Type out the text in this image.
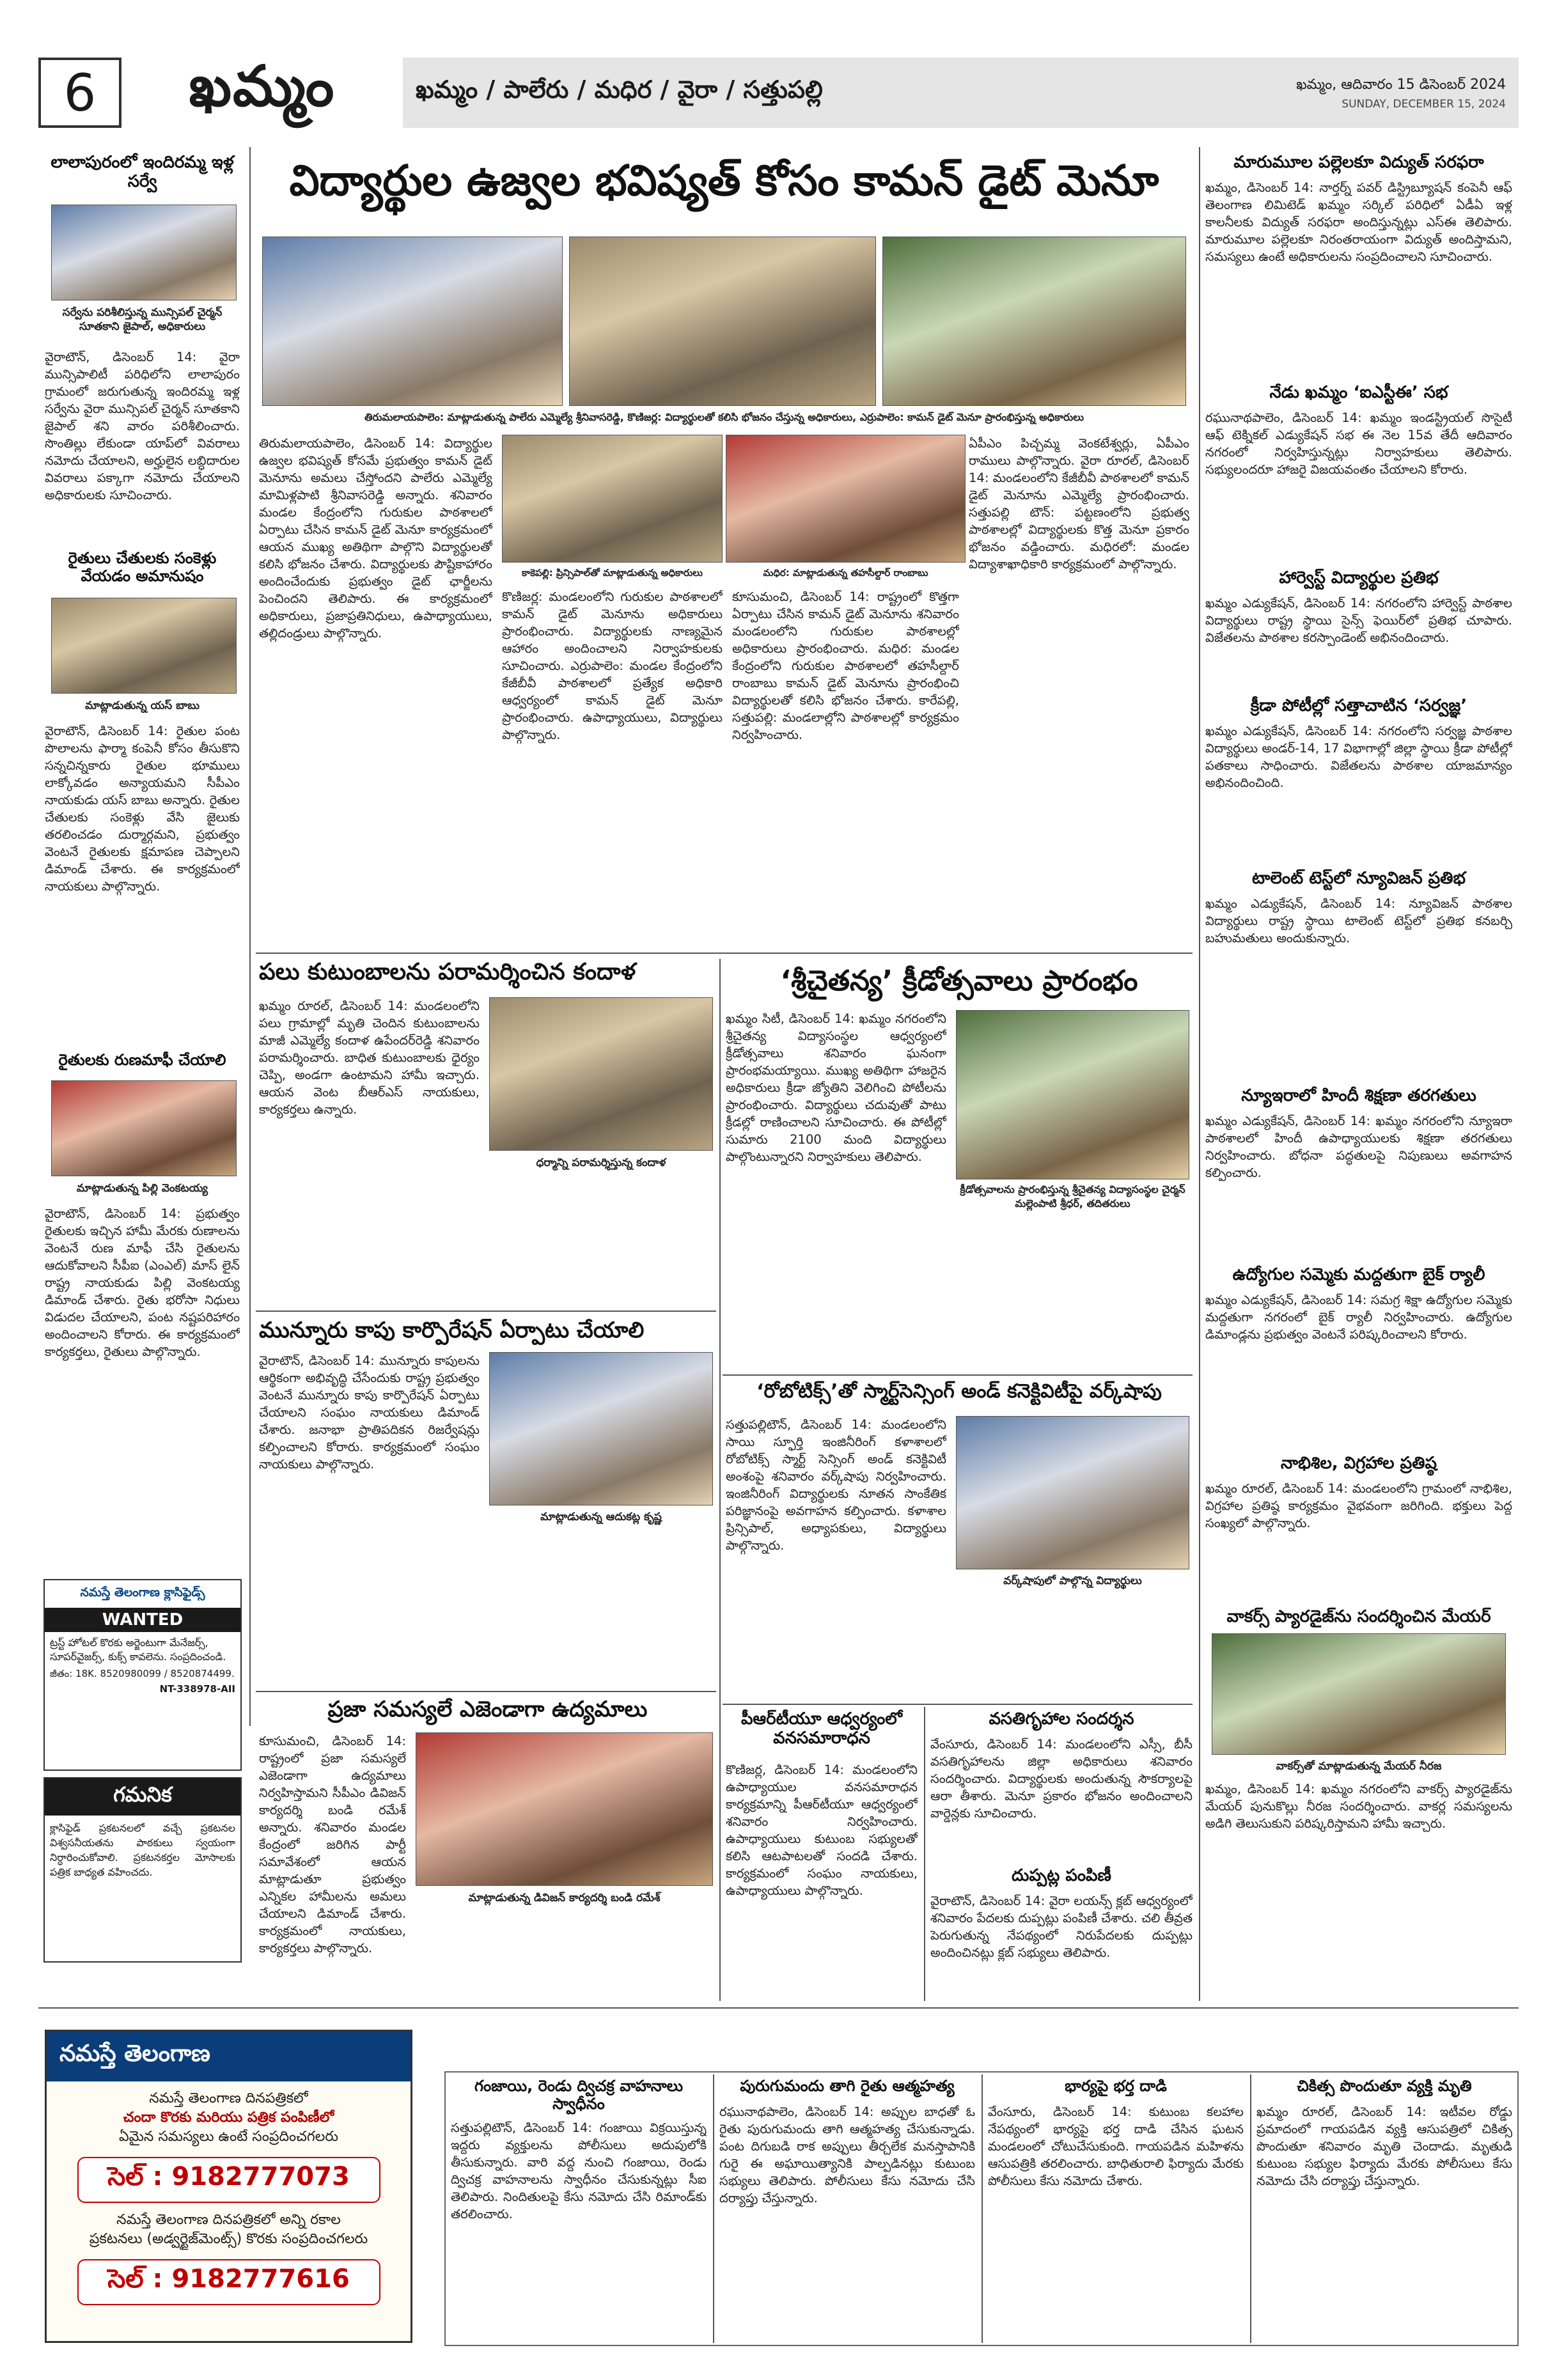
6	ఖమ్మం	ఖమ్మం / పాలేరు / మధిర / వైరా / సత్తుపల్లి	ఖమ్మం, ఆదివారం 15 డిసెంబర్ 2024
SUNDAY, DECEMBER 15, 2024
లాలాపురంలో ఇందిరమ్మ ఇళ్ల సర్వే
సర్వేను పరిశీలిస్తున్న మున్సిపల్ చైర్మన్ సూతకాని జైపాల్, అధికారులు
వైరాటౌన్, డిసెంబర్ 14: వైరా మున్సిపాలిటీ పరిధిలోని లాలాపురం గ్రామంలో జరుగుతున్న ఇందిరమ్మ ఇళ్ల సర్వేను వైరా మున్సిపల్ చైర్మన్ సూతకాని జైపాల్ శని వారం పరిశీలించారు. సొంతిల్లు లేకుండా యాప్‌లో వివరాలు నమోదు చేయాలని, అర్హులైన లబ్ధిదారుల వివరాలు పక్కాగా నమోదు చేయాలని అధికారులకు సూచించారు.
రైతులు చేతులకు సంకెళ్లు వేయడం అమానుషం
మాట్లాడుతున్న యస్ బాబు
వైరాటౌన్, డిసెంబర్ 14: రైతుల పంట పొలాలను ఫార్మా కంపెనీ కోసం తీసుకొని సన్నచిన్నకారు రైతుల భూములు లాక్కోవడం అన్యాయమని సీపీఎం నాయకుడు యస్ బాబు అన్నారు. రైతుల చేతులకు సంకెళ్లు వేసి జైలుకు తరలించడం దుర్మార్గమని, ప్రభుత్వం వెంటనే రైతులకు క్షమాపణ చెప్పాలని డిమాండ్ చేశారు. ఈ కార్యక్రమంలో నాయకులు పాల్గొన్నారు.
రైతులకు రుణమాఫీ చేయాలి
మాట్లాడుతున్న పిల్లి వెంకటయ్య
వైరాటౌన్, డిసెంబర్ 14: ప్రభుత్వం రైతులకు ఇచ్చిన హామీ మేరకు రుణాలను వెంటనే రుణ మాఫీ చేసి రైతులను ఆదుకోవాలని సీపీఐ (ఎంఎల్) మాస్ లైన్ రాష్ట్ర నాయకుడు పిల్లి వెంకటయ్య డిమాండ్ చేశారు. రైతు భరోసా నిధులు విడుదల చేయాలని, పంట నష్టపరిహారం అందించాలని కోరారు. ఈ కార్యక్రమంలో కార్యకర్తలు, రైతులు పాల్గొన్నారు.
నమస్తే తెలంగాణ క్లాసిఫైడ్స్
WANTED
ట్రస్ట్ హోటల్ కొరకు అర్జెంటుగా మేనేజర్స్, సూపర్‌వైజర్స్, కుక్స్ కావలెను. సంప్రదించండి.
జీతం: 18K. 8520980099 / 8520874499.
NT-338978-AII
గమనిక
క్లాసిఫైడ్ ప్రకటనలలో వచ్చే ప్రకటనల విశ్వసనీయతను పాఠకులు స్వయంగా నిర్ధారించుకోవాలి. ప్రకటనకర్తల మోసాలకు పత్రిక బాధ్యత వహించదు.
విద్యార్థుల ఉజ్వల భవిష్యత్ కోసం కామన్ డైట్ మెనూ
తిరుమలాయపాలెం: మాట్లాడుతున్న పాలేరు ఎమ్మెల్యే శ్రీనివాసరెడ్డి, కొణిజర్ల: విద్యార్థులతో కలిసి భోజనం చేస్తున్న అధికారులు, ఎర్రుపాలెం: కామన్ డైట్ మెనూ ప్రారంభిస్తున్న అధికారులు
తిరుమలాయపాలెం, డిసెంబర్ 14: విద్యార్థుల ఉజ్వల భవిష్యత్ కోసమే ప్రభుత్వం కామన్ డైట్ మెనూను అమలు చేస్తోందని పాలేరు ఎమ్మెల్యే మామిళ్లపాటి శ్రీనివాసరెడ్డి అన్నారు. శనివారం మండల కేంద్రంలోని గురుకుల పాఠశాలలో ఏర్పాటు చేసిన కామన్ డైట్ మెనూ కార్యక్రమంలో ఆయన ముఖ్య అతిథిగా పాల్గొని విద్యార్థులతో కలిసి భోజనం చేశారు. విద్యార్థులకు పౌష్టికాహారం అందించేందుకు ప్రభుత్వం డైట్ ఛార్జీలను పెంచిందని తెలిపారు. ఈ కార్యక్రమంలో అధికారులు, ప్రజాప్రతినిధులు, ఉపాధ్యాయులు, తల్లిదండ్రులు పాల్గొన్నారు.
కాకెపల్లి: ప్రిన్సిపాల్‌తో మాట్లాడుతున్న అధికారులు	మధిర: మాట్లాడుతున్న తహసీల్దార్ రాంబాబు
కొణిజర్ల: మండలంలోని గురుకుల పాఠశాలలో కామన్ డైట్ మెనూను అధికారులు ప్రారంభించారు. విద్యార్థులకు నాణ్యమైన ఆహారం అందించాలని నిర్వాహకులకు సూచించారు. ఎర్రుపాలెం: మండల కేంద్రంలోని కేజీబీవీ పాఠశాలలో ప్రత్యేక అధికారి ఆధ్వర్యంలో కామన్ డైట్ మెనూ ప్రారంభించారు. ఉపాధ్యాయులు, విద్యార్థులు పాల్గొన్నారు.
కూసుమంచి, డిసెంబర్ 14: రాష్ట్రంలో కొత్తగా ఏర్పాటు చేసిన కామన్ డైట్ మెనూను శనివారం మండలంలోని గురుకుల పాఠశాలల్లో అధికారులు ప్రారంభించారు. మధిర: మండల కేంద్రంలోని గురుకుల పాఠశాలలో తహసీల్దార్ రాంబాబు కామన్ డైట్ మెనూను ప్రారంభించి విద్యార్థులతో కలిసి భోజనం చేశారు. కారేపల్లి, సత్తుపల్లి: మండలాల్లోని పాఠశాలల్లో కార్యక్రమం నిర్వహించారు.
ఏపీఎం పిచ్చమ్మ వెంకటేశ్వర్లు, ఏపీఎం రాములు పాల్గొన్నారు. వైరా రూరల్, డిసెంబర్ 14: మండలంలోని కేజీబీవీ పాఠశాలలో కామన్ డైట్ మెనూను ఎమ్మెల్యే ప్రారంభించారు. సత్తుపల్లి టౌన్: పట్టణంలోని ప్రభుత్వ పాఠశాలల్లో విద్యార్థులకు కొత్త మెనూ ప్రకారం భోజనం వడ్డించారు. మధిరలో: మండల విద్యాశాఖాధికారి కార్యక్రమంలో పాల్గొన్నారు.
పలు కుటుంబాలను పరామర్శించిన కందాళ
ఖమ్మం రూరల్, డిసెంబర్ 14: మండలంలోని పలు గ్రామాల్లో మృతి చెందిన కుటుంబాలను మాజీ ఎమ్మెల్యే కందాళ ఉపేందర్‌రెడ్డి శనివారం పరామర్శించారు. బాధిత కుటుంబాలకు ధైర్యం చెప్పి, అండగా ఉంటామని హామీ ఇచ్చారు. ఆయన వెంట బీఆర్ఎస్ నాయకులు, కార్యకర్తలు ఉన్నారు.
ధర్మాన్ని పరామర్శిస్తున్న కందాళ
మున్నూరు కాపు కార్పొరేషన్ ఏర్పాటు చేయాలి
వైరాటౌన్, డిసెంబర్ 14: మున్నూరు కాపులను ఆర్థికంగా అభివృద్ధి చేసేందుకు రాష్ట్ర ప్రభుత్వం వెంటనే మున్నూరు కాపు కార్పొరేషన్ ఏర్పాటు చేయాలని సంఘం నాయకులు డిమాండ్ చేశారు. జనాభా ప్రాతిపదికన రిజర్వేషన్లు కల్పించాలని కోరారు. కార్యక్రమంలో సంఘం నాయకులు పాల్గొన్నారు.
మాట్లాడుతున్న ఆదుకట్ల కృష్ణ
ప్రజా సమస్యలే ఎజెండాగా ఉద్యమాలు
కూసుమంచి, డిసెంబర్ 14: రాష్ట్రంలో ప్రజా సమస్యలే ఎజెండాగా ఉద్యమాలు నిర్వహిస్తామని సీపీఎం డివిజన్ కార్యదర్శి బండి రమేశ్ అన్నారు. శనివారం మండల కేంద్రంలో జరిగిన పార్టీ సమావేశంలో ఆయన మాట్లాడుతూ ప్రభుత్వం ఎన్నికల హామీలను అమలు చేయాలని డిమాండ్ చేశారు. కార్యక్రమంలో నాయకులు, కార్యకర్తలు పాల్గొన్నారు.
మాట్లాడుతున్న డివిజన్ కార్యదర్శి బండి రమేశ్
‘శ్రీచైతన్య’ క్రీడోత్సవాలు ప్రారంభం
ఖమ్మం సిటీ, డిసెంబర్ 14: ఖమ్మం నగరంలోని శ్రీచైతన్య విద్యాసంస్థల ఆధ్వర్యంలో క్రీడోత్సవాలు శనివారం ఘనంగా ప్రారంభమయ్యాయి. ముఖ్య అతిథిగా హాజరైన అధికారులు క్రీడా జ్యోతిని వెలిగించి పోటీలను ప్రారంభించారు. విద్యార్థులు చదువుతో పాటు క్రీడల్లో రాణించాలని సూచించారు. ఈ పోటీల్లో సుమారు 2100 మంది విద్యార్థులు పాల్గొంటున్నారని నిర్వాహకులు తెలిపారు.
క్రీడోత్సవాలను ప్రారంభిస్తున్న శ్రీచైతన్య విద్యాసంస్థల చైర్మన్ మల్లెంపాటి శ్రీధర్, తదితరులు
‘రోబోటిక్స్’తో స్మార్ట్‌సెన్సింగ్ అండ్ కనెక్టివిటీపై వర్క్‌షాపు
సత్తుపల్లిటౌన్, డిసెంబర్ 14: మండలంలోని సాయి స్ఫూర్తి ఇంజినీరింగ్ కళాశాలలో రోబోటిక్స్ స్మార్ట్ సెన్సింగ్ అండ్ కనెక్టివిటీ అంశంపై శనివారం వర్క్‌షాపు నిర్వహించారు. ఇంజినీరింగ్ విద్యార్థులకు నూతన సాంకేతిక పరిజ్ఞానంపై అవగాహన కల్పించారు. కళాశాల ప్రిన్సిపాల్, అధ్యాపకులు, విద్యార్థులు పాల్గొన్నారు.
వర్క్‌షాపులో పాల్గొన్న విద్యార్థులు
పీఆర్‌టీయూ ఆధ్వర్యంలో వనసమారాధన
కొణిజర్ల, డిసెంబర్ 14: మండలంలోని ఉపాధ్యాయుల వనసమారాధన కార్యక్రమాన్ని పీఆర్‌టీయూ ఆధ్వర్యంలో శనివారం నిర్వహించారు. ఉపాధ్యాయులు కుటుంబ సభ్యులతో కలిసి ఆటపాటలతో సందడి చేశారు. కార్యక్రమంలో సంఘం నాయకులు, ఉపాధ్యాయులు పాల్గొన్నారు.
వసతిగృహాల సందర్శన
వేంసూరు, డిసెంబర్ 14: మండలంలోని ఎస్సీ, బీసీ వసతిగృహాలను జిల్లా అధికారులు శనివారం సందర్శించారు. విద్యార్థులకు అందుతున్న సౌకర్యాలపై ఆరా తీశారు. మెనూ ప్రకారం భోజనం అందించాలని వార్డెన్లకు సూచించారు.
దుప్పట్ల పంపిణీ
వైరాటౌన్, డిసెంబర్ 14: వైరా లయన్స్ క్లబ్ ఆధ్వర్యంలో శనివారం పేదలకు దుప్పట్లు పంపిణీ చేశారు. చలి తీవ్రత పెరుగుతున్న నేపథ్యంలో నిరుపేదలకు దుప్పట్లు అందించినట్లు క్లబ్ సభ్యులు తెలిపారు.
మారుమూల పల్లెలకూ విద్యుత్ సరఫరా
ఖమ్మం, డిసెంబర్ 14: నార్తర్న్ పవర్ డిస్ట్రిబ్యూషన్ కంపెనీ ఆఫ్ తెలంగాణ లిమిటెడ్ ఖమ్మం సర్కిల్ పరిధిలో ఏడీఏ ఇళ్ల కాలనీలకు విద్యుత్ సరఫరా అందిస్తున్నట్లు ఎస్ఈ తెలిపారు. మారుమూల పల్లెలకూ నిరంతరాయంగా విద్యుత్ అందిస్తామని, సమస్యలు ఉంటే అధికారులను సంప్రదించాలని సూచించారు.
నేడు ఖమ్మం ‘ఐఎస్టీఈ’ సభ
రఘునాథపాలెం, డిసెంబర్ 14: ఖమ్మం ఇండస్ట్రియల్ సొసైటీ ఆఫ్ టెక్నికల్ ఎడ్యుకేషన్ సభ ఈ నెల 15వ తేదీ ఆదివారం నగరంలో నిర్వహిస్తున్నట్లు నిర్వాహకులు తెలిపారు. సభ్యులందరూ హాజరై విజయవంతం చేయాలని కోరారు.
హార్వెస్ట్ విద్యార్థుల ప్రతిభ
ఖమ్మం ఎడ్యుకేషన్, డిసెంబర్ 14: నగరంలోని హార్వెస్ట్ పాఠశాల విద్యార్థులు రాష్ట్ర స్థాయి సైన్స్ ఫెయిర్‌లో ప్రతిభ చూపారు. విజేతలను పాఠశాల కరస్పాండెంట్ అభినందించారు.
క్రీడా పోటీల్లో సత్తాచాటిన ‘సర్వజ్ఞ’
ఖమ్మం ఎడ్యుకేషన్, డిసెంబర్ 14: నగరంలోని సర్వజ్ఞ పాఠశాల విద్యార్థులు అండర్-14, 17 విభాగాల్లో జిల్లా స్థాయి క్రీడా పోటీల్లో పతకాలు సాధించారు. విజేతలను పాఠశాల యాజమాన్యం అభినందించింది.
టాలెంట్ టెస్ట్‌లో న్యూవిజన్ ప్రతిభ
ఖమ్మం ఎడ్యుకేషన్, డిసెంబర్ 14: న్యూవిజన్ పాఠశాల విద్యార్థులు రాష్ట్ర స్థాయి టాలెంట్ టెస్ట్‌లో ప్రతిభ కనబర్చి బహుమతులు అందుకున్నారు.
న్యూఇరాలో హిందీ శిక్షణా తరగతులు
ఖమ్మం ఎడ్యుకేషన్, డిసెంబర్ 14: ఖమ్మం నగరంలోని న్యూఇరా పాఠశాలలో హిందీ ఉపాధ్యాయులకు శిక్షణా తరగతులు నిర్వహించారు. బోధనా పద్ధతులపై నిపుణులు అవగాహన కల్పించారు.
ఉద్యోగుల సమ్మెకు మద్దతుగా బైక్ ర్యాలీ
ఖమ్మం ఎడ్యుకేషన్, డిసెంబర్ 14: సమగ్ర శిక్షా ఉద్యోగుల సమ్మెకు మద్దతుగా నగరంలో బైక్ ర్యాలీ నిర్వహించారు. ఉద్యోగుల డిమాండ్లను ప్రభుత్వం వెంటనే పరిష్కరించాలని కోరారు.
నాభిశిల, విగ్రహాల ప్రతిష్ఠ
ఖమ్మం రూరల్, డిసెంబర్ 14: మండలంలోని గ్రామంలో నాభిశిల, విగ్రహాల ప్రతిష్ఠ కార్యక్రమం వైభవంగా జరిగింది. భక్తులు పెద్ద సంఖ్యలో పాల్గొన్నారు.
వాకర్స్ ప్యారడైజ్‌ను సందర్శించిన మేయర్
వాకర్స్‌తో మాట్లాడుతున్న మేయర్ నీరజ
ఖమ్మం, డిసెంబర్ 14: ఖమ్మం నగరంలోని వాకర్స్ ప్యారడైజ్‌ను మేయర్ పునుకొల్లు నీరజ సందర్శించారు. వాకర్ల సమస్యలను అడిగి తెలుసుకుని పరిష్కరిస్తామని హామీ ఇచ్చారు.
నమస్తే తెలంగాణ
నమస్తే తెలంగాణ దినపత్రికలో
చందా కొరకు మరియు పత్రిక పంపిణీలో
ఏమైన సమస్యలు ఉంటే సంప్రదించగలరు
సెల్ : 9182777073
నమస్తే తెలంగాణ దినపత్రికలో అన్ని రకాల
ప్రకటనలు (అడ్వర్టైజ్‌మెంట్స్) కొరకు సంప్రదించగలరు
సెల్ : 9182777616
గంజాయి, రెండు ద్విచక్ర వాహనాలు స్వాధీనం
సత్తుపల్లిటౌన్, డిసెంబర్ 14: గంజాయి విక్రయిస్తున్న ఇద్దరు వ్యక్తులను పోలీసులు అదుపులోకి తీసుకున్నారు. వారి వద్ద నుంచి గంజాయి, రెండు ద్విచక్ర వాహనాలను స్వాధీనం చేసుకున్నట్లు సీఐ తెలిపారు. నిందితులపై కేసు నమోదు చేసి రిమాండ్‌కు తరలించారు.
పురుగుమందు తాగి రైతు ఆత్మహత్య
రఘునాథపాలెం, డిసెంబర్ 14: అప్పుల బాధతో ఓ రైతు పురుగుమందు తాగి ఆత్మహత్య చేసుకున్నాడు. పంట దిగుబడి రాక అప్పులు తీర్చలేక మనస్తాపానికి గురై ఈ అఘాయిత్యానికి పాల్పడినట్లు కుటుంబ సభ్యులు తెలిపారు. పోలీసులు కేసు నమోదు చేసి దర్యాప్తు చేస్తున్నారు.
భార్యపై భర్త దాడి
వేంసూరు, డిసెంబర్ 14: కుటుంబ కలహాల నేపథ్యంలో భార్యపై భర్త దాడి చేసిన ఘటన మండలంలో చోటుచేసుకుంది. గాయపడిన మహిళను ఆసుపత్రికి తరలించారు. బాధితురాలి ఫిర్యాదు మేరకు పోలీసులు కేసు నమోదు చేశారు.
చికిత్స పొందుతూ వ్యక్తి మృతి
ఖమ్మం రూరల్, డిసెంబర్ 14: ఇటీవల రోడ్డు ప్రమాదంలో గాయపడిన వ్యక్తి ఆసుపత్రిలో చికిత్స పొందుతూ శనివారం మృతి చెందాడు. మృతుడి కుటుంబ సభ్యుల ఫిర్యాదు మేరకు పోలీసులు కేసు నమోదు చేసి దర్యాప్తు చేస్తున్నారు.
